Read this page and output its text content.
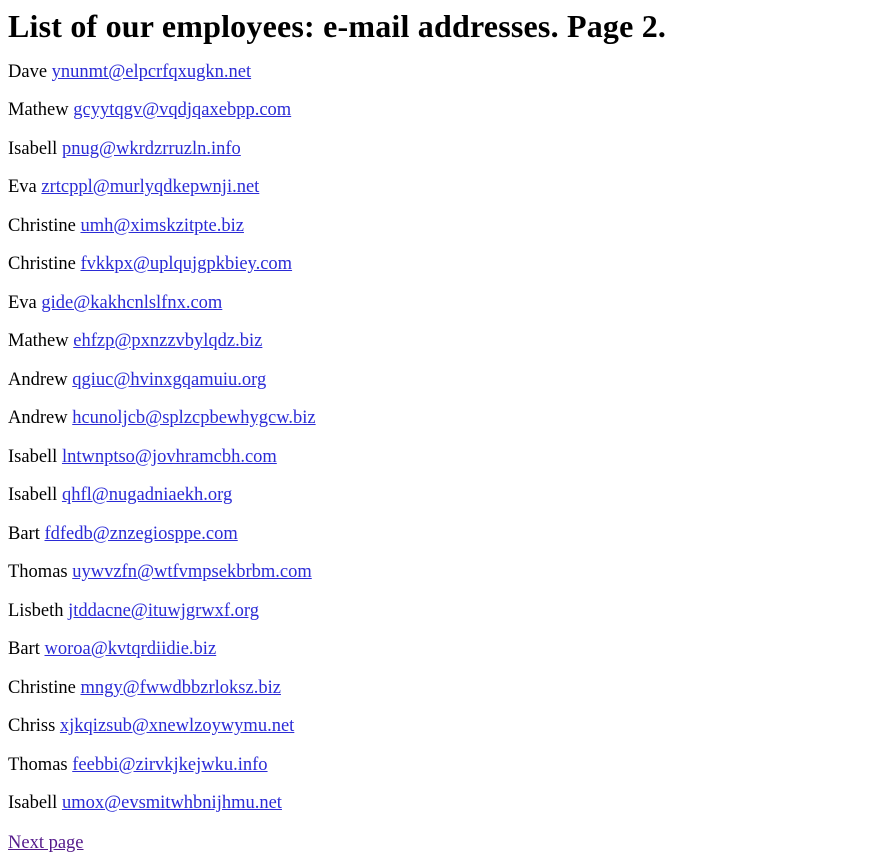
List of our employees: e-mail addresses. Page 2.
Dave ynunmt@elpcrfqxugkn.net
Mathew gcyytqgv@vqdjqaxebpp.com
Isabell pnug@wkrdzrruzln.info
Eva zrtcppl@murlyqdkepwnji.net
Christine umh@ximskzitpte.biz
Christine fvkkpx@uplqujgpkbiey.com
Eva gide@kakhcnlslfnx.com
Mathew ehfzp@pxnzzvbylqdz.biz
Andrew qgiuc@hvinxgqamuiu.org
Andrew hcunoljcb@splzcpbewhygcw.biz
Isabell lntwnptso@jovhramcbh.com
Isabell qhfl@nugadniaekh.org
Bart fdfedb@znzegiosppe.com
Thomas uywvzfn@wtfvmpsekbrbm.com
Lisbeth jtddacne@ituwjgrwxf.org
Bart woroa@kvtqrdiidie.biz
Christine mngy@fwwdbbzrloksz.biz
Chriss xjkqizsub@xnewlzoywymu.net
Thomas feebbi@zirvkjkejwku.info
Isabell umox@evsmitwhbnijhmu.net
Next page
